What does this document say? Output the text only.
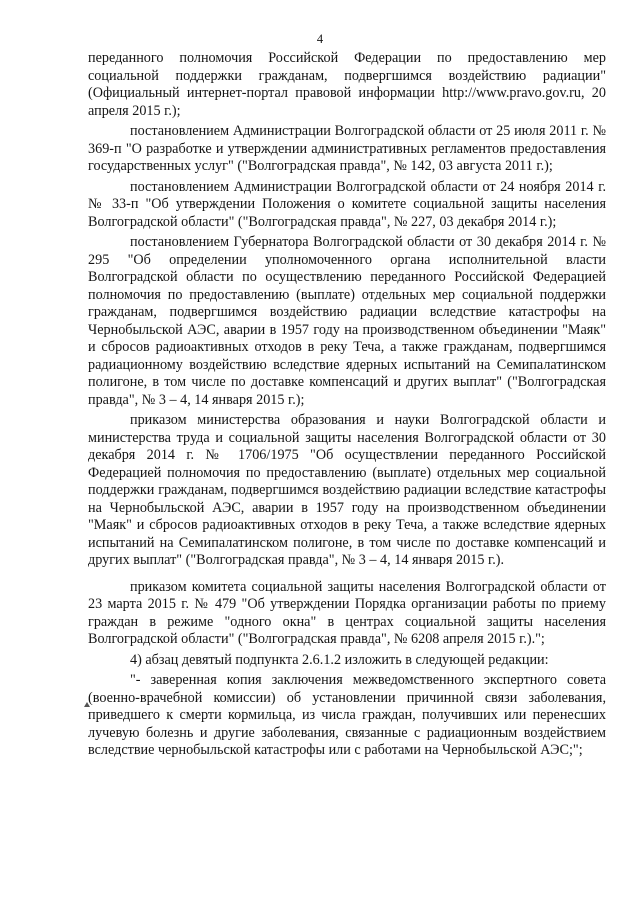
4

переданного полномочия Российской Федерации по предоставлению мер социальной поддержки гражданам, подвергшимся воздействию радиации" (Официальный интернет-портал правовой информации http://www.pravo.gov.ru, 20 апреля 2015 г.);

постановлением Администрации Волгоградской области от 25 июля 2011 г. № 369-п "О разработке и утверждении административных регламентов предоставления государственных услуг" ("Волгоградская правда", № 142, 03 августа 2011 г.);

постановлением Администрации Волгоградской области от 24 ноября 2014 г. № 33-п "Об утверждении Положения о комитете социальной защиты населения Волгоградской области" ("Волгоградская правда", № 227, 03 декабря 2014 г.);

постановлением Губернатора Волгоградской области от 30 декабря 2014 г. № 295 "Об определении уполномоченного органа исполнительной власти Волгоградской области по осуществлению переданного Российской Федерацией полномочия по предоставлению (выплате) отдельных мер социальной поддержки гражданам, подвергшимся воздействию радиации вследствие катастрофы на Чернобыльской АЭС, аварии в 1957 году на производственном объединении "Маяк" и сбросов радиоактивных отходов в реку Теча, а также гражданам, подвергшимся радиационному воздействию вследствие ядерных испытаний на Семипалатинском полигоне, в том числе по доставке компенсаций и других выплат" ("Волгоградская правда", № 3 – 4, 14 января 2015 г.);

приказом министерства образования и науки Волгоградской области и министерства труда и социальной защиты населения Волгоградской области от 30 декабря 2014 г. № 1706/1975 "Об осуществлении переданного Российской Федерацией полномочия по предоставлению (выплате) отдельных мер социальной поддержки гражданам, подвергшимся воздействию радиации вследствие катастрофы на Чернобыльской АЭС, аварии в 1957 году на производственном объединении "Маяк" и сбросов радиоактивных отходов в реку Теча, а также вследствие ядерных испытаний на Семипалатинском полигоне, в том числе по доставке компенсаций и других выплат" ("Волгоградская правда", № 3 – 4, 14 января 2015 г.).

приказом комитета социальной защиты населения Волгоградской области от 23 марта 2015 г. № 479 "Об утверждении Порядка организации работы по приему граждан в режиме "одного окна" в центрах социальной защиты населения Волгоградской области" ("Волгоградская правда", № 6208 апреля 2015 г.).";

4) абзац девятый подпункта 2.6.1.2 изложить в следующей редакции:

"- заверенная копия заключения межведомственного экспертного совета (военно-врачебной комиссии) об установлении причинной связи заболевания, приведшего к смерти кормильца, из числа граждан, получивших или перенесших лучевую болезнь и другие заболевания, связанные с радиационным воздействием вследствие чернобыльской катастрофы или с работами на Чернобыльской АЭС;";
